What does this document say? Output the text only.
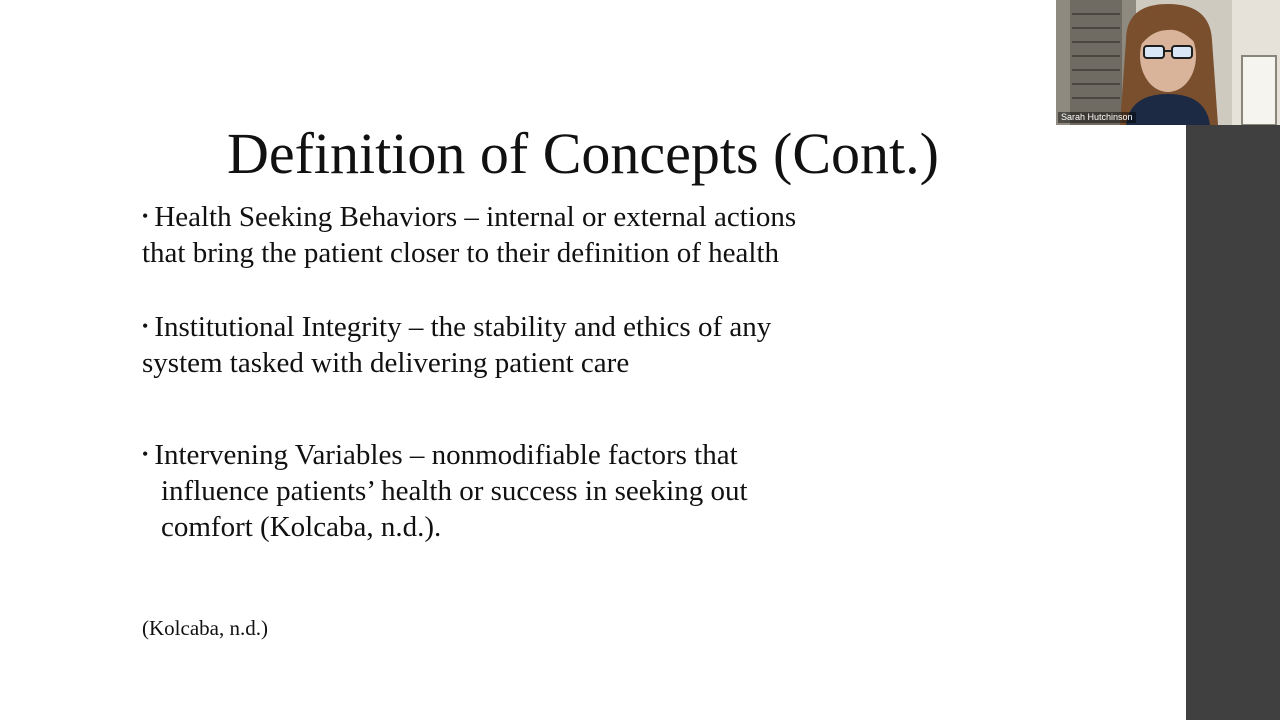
Definition of Concepts (Cont.)
• Health Seeking Behaviors – internal or external actions
that bring the patient closer to their definition of health
• Institutional Integrity – the stability and ethics of any
system tasked with delivering patient care
• Intervening Variables – nonmodifiable factors that
influence patients’ health or success in seeking out
comfort (Kolcaba, n.d.).
(Kolcaba, n.d.)
Sarah Hutchinson
